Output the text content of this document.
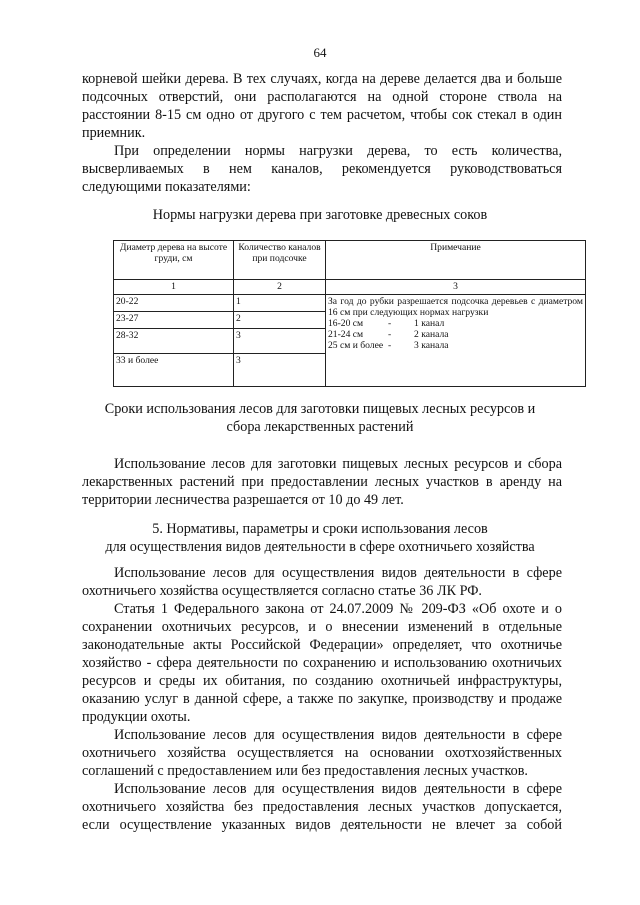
64
корневой шейки дерева. В тех случаях, когда на дереве делается два и больше
подсочных отверстий, они располагаются на одной стороне ствола на
расстоянии 8-15 см одно от другого с тем расчетом, чтобы сок стекал в один
приемник.
При определении нормы нагрузки дерева, то есть количества,
высверливаемых в нем каналов, рекомендуется руководствоваться
следующими показателями:
Нормы нагрузки дерева при заготовке древесных соков
Диаметр дерева на высоте груди, см	Количество каналов при подсочке	Примечание
1	2	3
20-22	1	За год до рубки разрешается подсочка деревьев с диаметром 16 см при следующих нормах нагрузки
16-20 см - 1 канал
21-24 см - 2 канала
25 см и более - 3 канала

23-27	2	
28-32	3	
33 и более	3	
Сроки использования лесов для заготовки пищевых лесных ресурсов и
сбора лекарственных растений
Использование лесов для заготовки пищевых лесных ресурсов и сбора
лекарственных растений при предоставлении лесных участков в аренду на
территории лесничества разрешается от 10 до 49 лет.
5. Нормативы, параметры и сроки использования лесов
для осуществления видов деятельности в сфере охотничьего хозяйства
Использование лесов для осуществления видов деятельности в сфере
охотничьего хозяйства осуществляется согласно статье 36 ЛК РФ.
Статья 1 Федерального закона от 24.07.2009 № 209-ФЗ «Об охоте и о
сохранении охотничьих ресурсов, и о внесении изменений в отдельные
законодательные акты Российской Федерации» определяет, что охотничье
хозяйство - сфера деятельности по сохранению и использованию охотничьих
ресурсов и среды их обитания, по созданию охотничьей инфраструктуры,
оказанию услуг в данной сфере, а также по закупке, производству и продаже
продукции охоты.
Использование лесов для осуществления видов деятельности в сфере
охотничьего хозяйства осуществляется на основании охотхозяйственных
соглашений с предоставлением или без предоставления лесных участков.
Использование лесов для осуществления видов деятельности в сфере
охотничьего хозяйства без предоставления лесных участков допускается,
если осуществление указанных видов деятельности не влечет за собой
